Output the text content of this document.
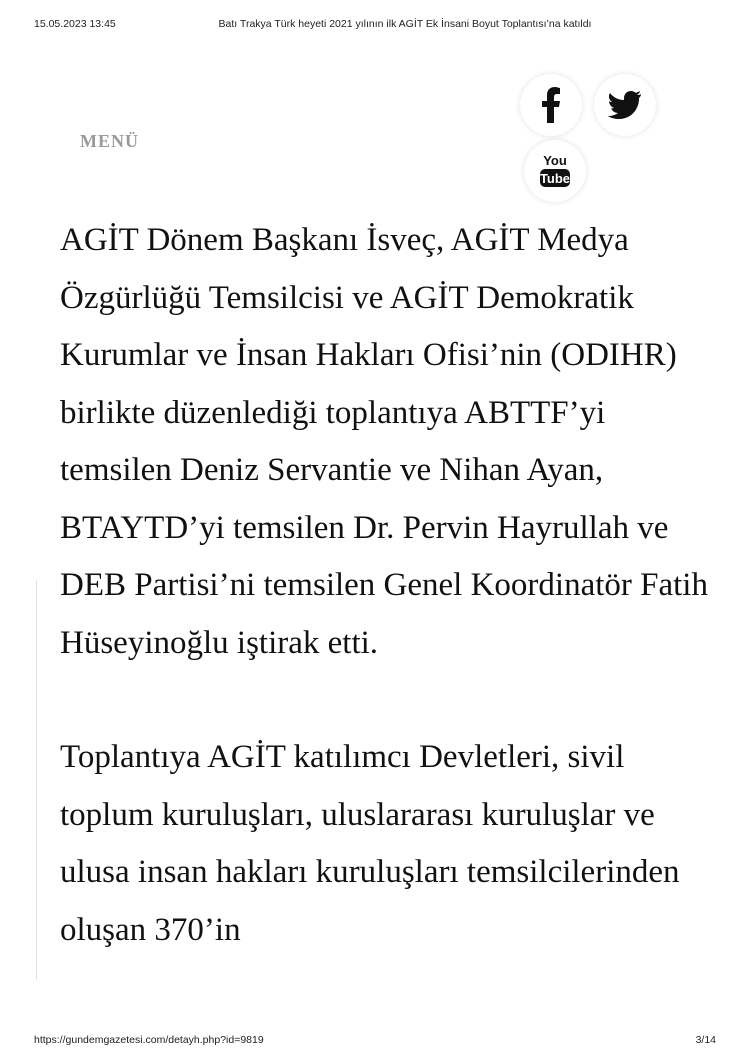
15.05.2023 13:45	Batı Trakya Türk heyeti 2021 yılının ilk AGİT Ek İnsani Boyut Toplantısı’na katıldı
MENÜ
You
Tube

AGİT Dönem Başkanı İsveç, AGİT Medya Özgürlüğü Temsilcisi ve AGİT Demokratik Kurumlar ve İnsan Hakları Ofisi’nin (ODIHR) birlikte düzenlediği toplantıya ABTTF’yi temsilen Deniz Servantie ve Nihan Ayan, BTAYTD’yi temsilen Dr. Pervin Hayrullah ve DEB Partisi’ni temsilen Genel Koordinatör Fatih Hüseyinoğlu iştirak etti.

Toplantıya AGİT katılımcı Devletleri, sivil toplum kuruluşları, uluslararası kuruluşlar ve ulusa insan hakları kuruluşları temsilcilerinden oluşan 370’in

https://gundemgazetesi.com/detayh.php?id=9819	3/14
